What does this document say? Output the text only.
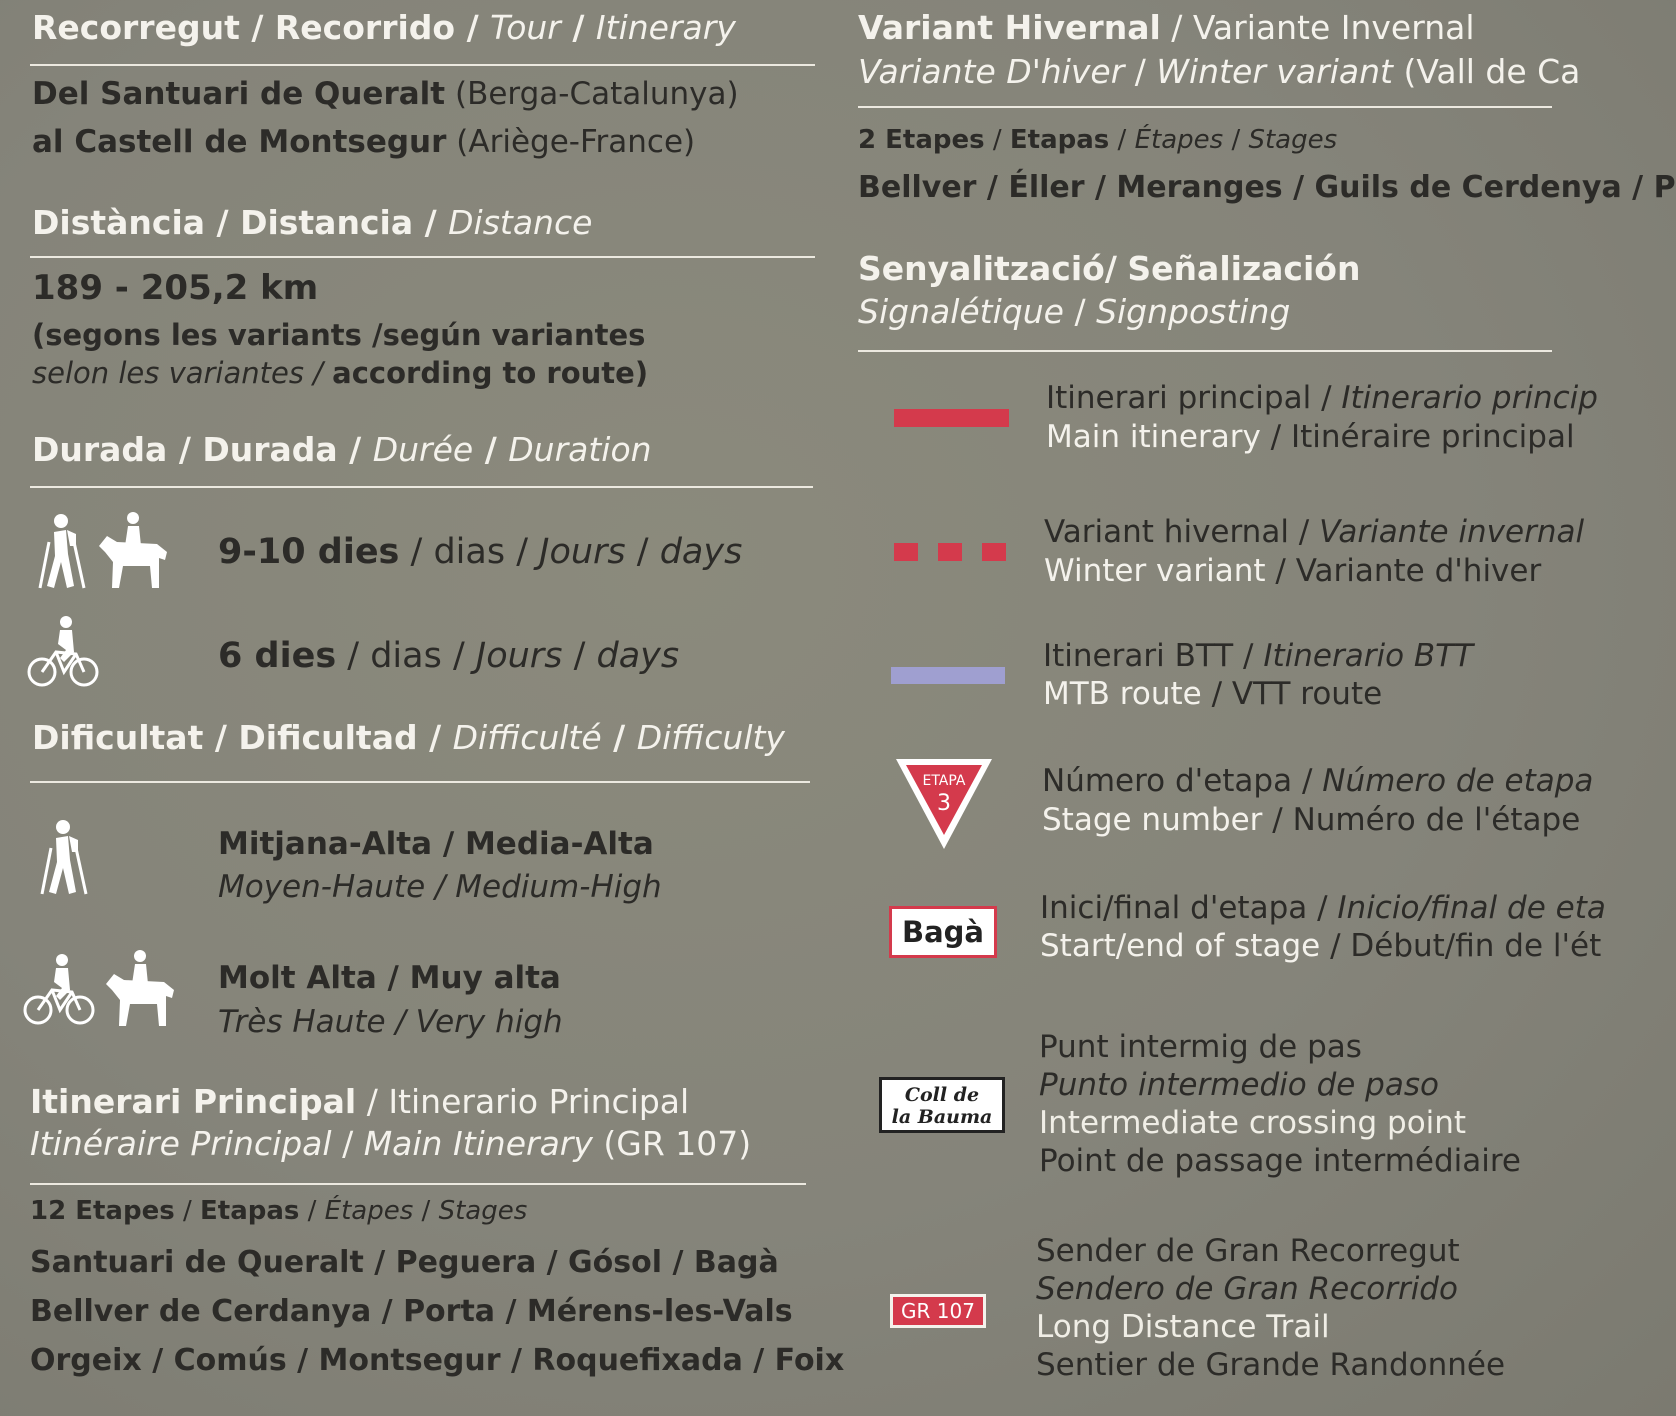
Recorregut / Recorrido / Tour / Itinerary
Del Santuari de Queralt (Berga-Catalunya)
al Castell de Montsegur (Ariège-France)
Distància / Distancia / Distance
189 - 205,2 km
(segons les variants /según variantes
selon les variantes / according to route)
Durada / Durada / Durée / Duration
9-10 dies / dias / Jours / days
6 dies / dias / Jours / days
Dificultat / Dificultad / Difficulté / Difficulty
Mitjana-Alta / Media-Alta
Moyen-Haute / Medium-High
Molt Alta / Muy alta
Très Haute / Very high
Itinerari Principal / Itinerario Principal
Itinéraire Principal / Main Itinerary (GR 107)
12 Etapes / Etapas / Étapes / Stages
Santuari de Queralt / Peguera / Gósol / Bagà
Bellver de Cerdanya / Porta / Mérens-les-Vals
Orgeix / Comús / Montsegur / Roquefixada / Foix
Variant Hivernal / Variante Invernal
Variante D'hiver / Winter variant (Vall de Ca
2 Etapes / Etapas / Étapes / Stages
Bellver / Éller / Meranges / Guils de Cerdenya / P
Senyalització/ Señalización
Signalétique / Signposting
Itinerari principal / Itinerario princip
Main itinerary / Itinéraire principal
Variant hivernal / Variante invernal
Winter variant / Variante d'hiver
Itinerari BTT / Itinerario BTT
MTB route / VTT route
ETAPA
3
Número d'etapa / Número de etapa
Stage number / Numéro de l'étape
Bagà
Inici/final d'etapa / Inicio/final de eta
Start/end of stage / Début/fin de l'ét
Coll de
la Bauma
Punt intermig de pas
Punto intermedio de paso
Intermediate crossing point
Point de passage intermédiaire
GR 107
Sender de Gran Recorregut
Sendero de Gran Recorrido
Long Distance Trail
Sentier de Grande Randonnée
